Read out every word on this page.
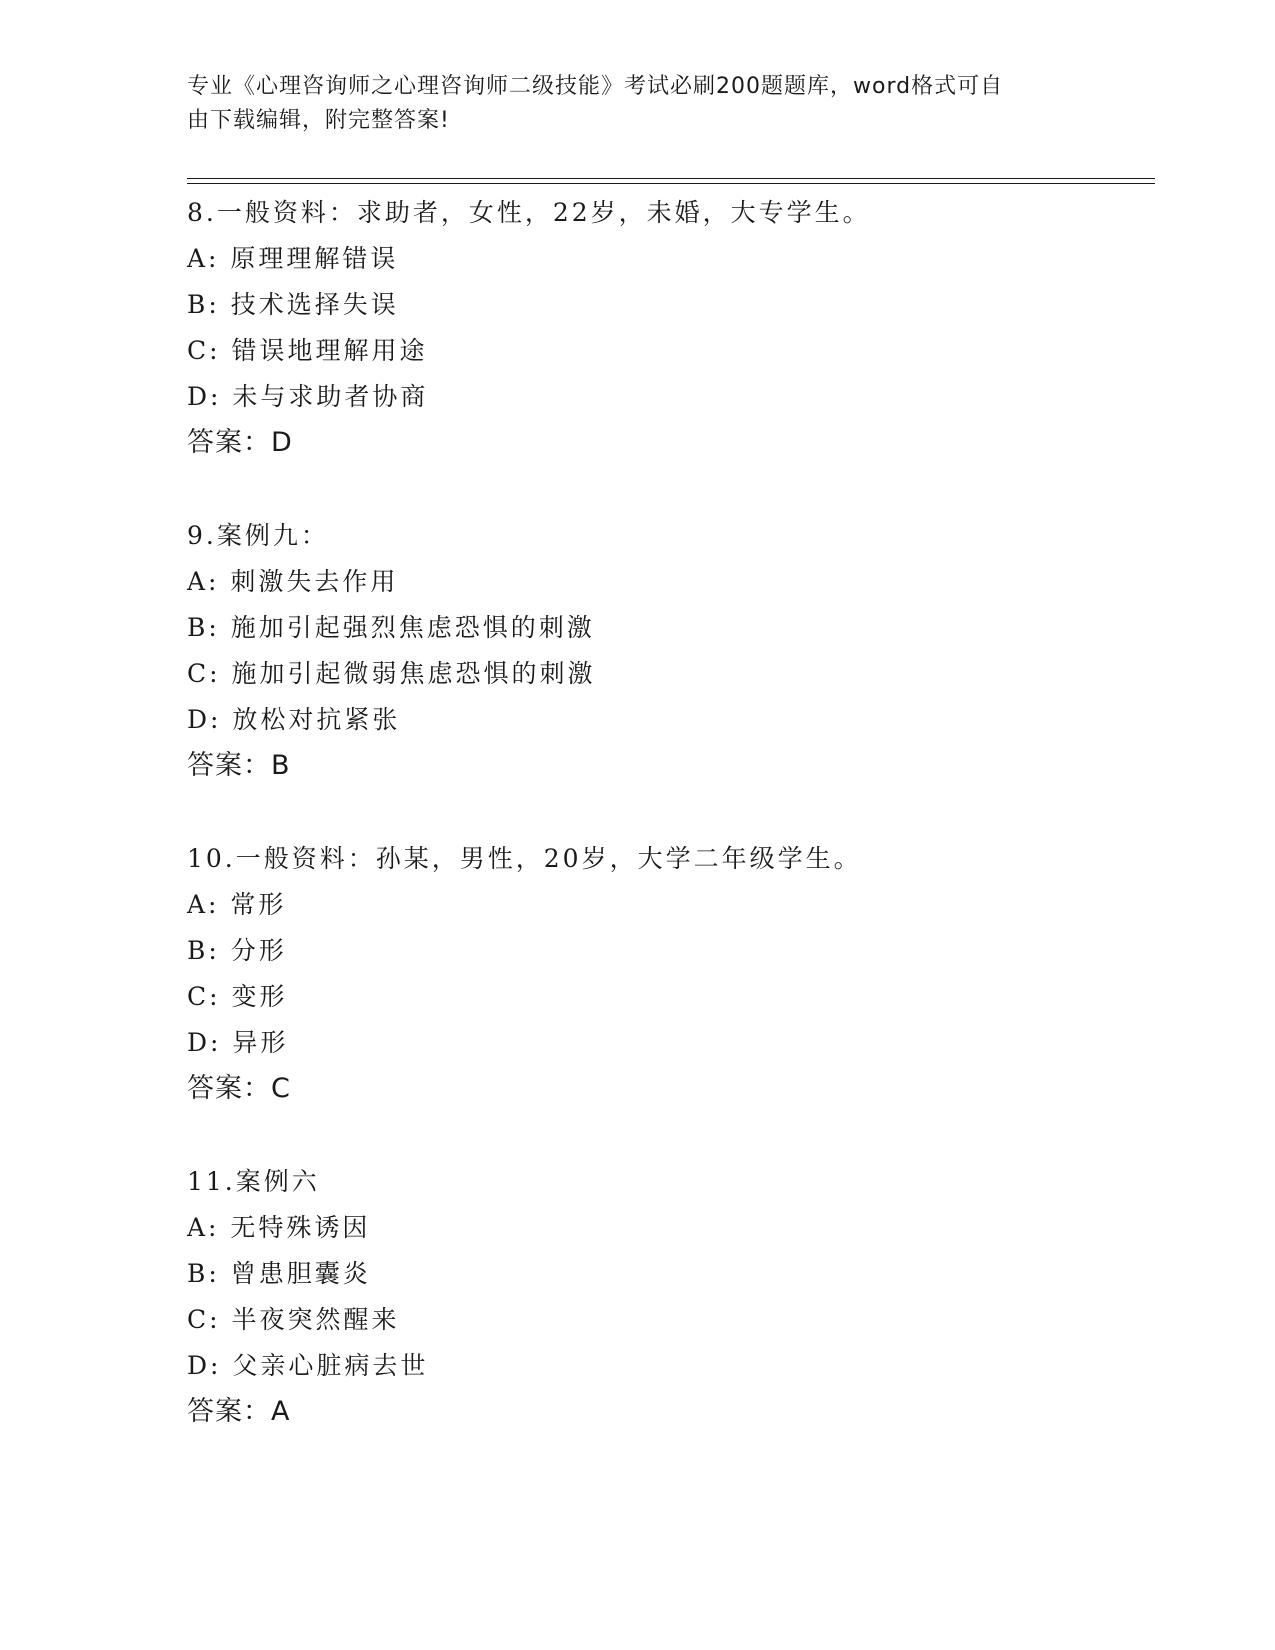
专业《心理咨询师之心理咨询师二级技能》考试必刷200题题库，word格式可自
由下载编辑，附完整答案!
8.一般资料：求助者，女性，22岁，未婚，大专学生。
A: 原理理解错误
B: 技术选择失误
C: 错误地理解用途
D: 未与求助者协商
答案：D
9.案例九：
A: 刺激失去作用
B: 施加引起强烈焦虑恐惧的刺激
C: 施加引起微弱焦虑恐惧的刺激
D: 放松对抗紧张
答案：B
10.一般资料：孙某，男性，20岁，大学二年级学生。
A: 常形
B: 分形
C: 变形
D: 异形
答案：C
11.案例六
A: 无特殊诱因
B: 曾患胆囊炎
C: 半夜突然醒来
D: 父亲心脏病去世
答案：A
